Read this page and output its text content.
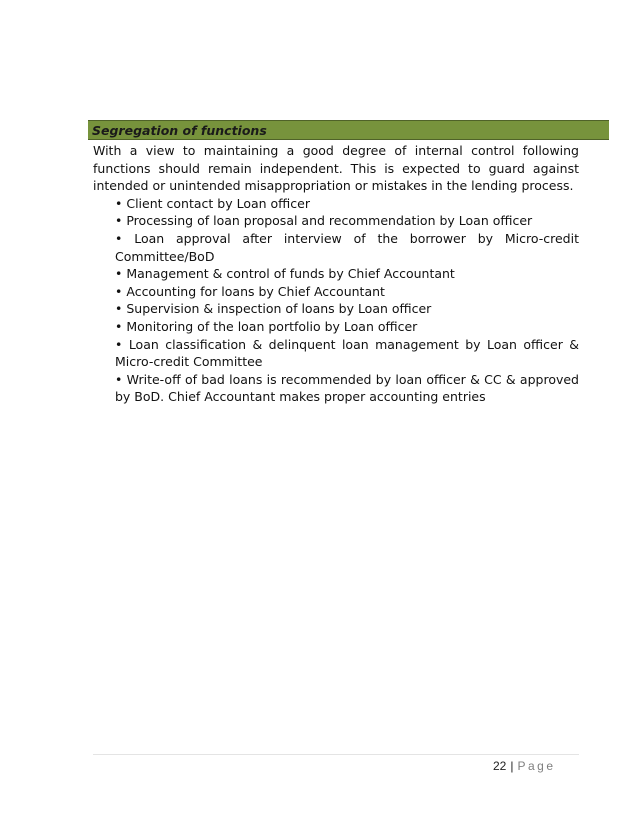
Segregation of functions
With a view to maintaining a good degree of internal control following functions should remain independent. This is expected to guard against intended or unintended misappropriation or mistakes in the lending process.
• Client contact by Loan officer
• Processing of loan proposal and recommendation by Loan officer
• Loan approval after interview of the borrower by Micro-credit Committee/BoD
• Management & control of funds by Chief Accountant
• Accounting for loans by Chief Accountant
• Supervision & inspection of loans by Loan officer
• Monitoring of the loan portfolio by Loan officer
• Loan classification & delinquent loan management by Loan officer & Micro-credit Committee
• Write-off of bad loans is recommended by loan officer & CC & approved by BoD. Chief Accountant makes proper accounting entries
22 | Page
